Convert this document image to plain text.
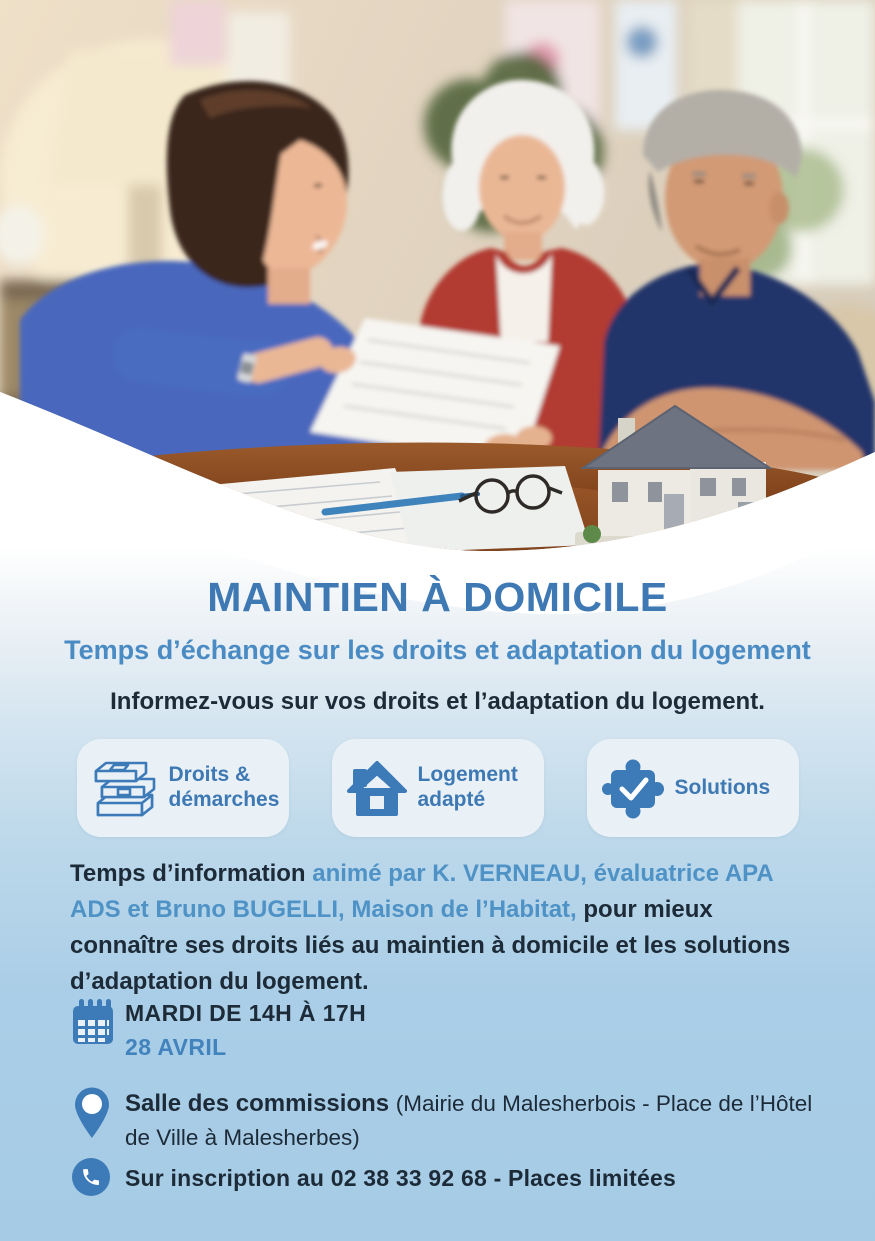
MAINTIEN À DOMICILE
Temps d’échange sur les droits et adaptation du logement
Informez-vous sur vos droits et l’adaptation du logement.
Droits & démarches
Logement adapté
Solutions
Temps d’information animé par K. VERNEAU, évaluatrice APA ADS et Bruno BUGELLI, Maison de l’Habitat, pour mieux connaître ses droits liés au maintien à domicile et les solutions d’adaptation du logement.
MARDI DE 14H À 17H
28 AVRIL
Salle des commissions (Mairie du Malesherbois - Place de l’Hôtel de Ville à Malesherbes)
Sur inscription au 02 38 33 92 68 - Places limitées
